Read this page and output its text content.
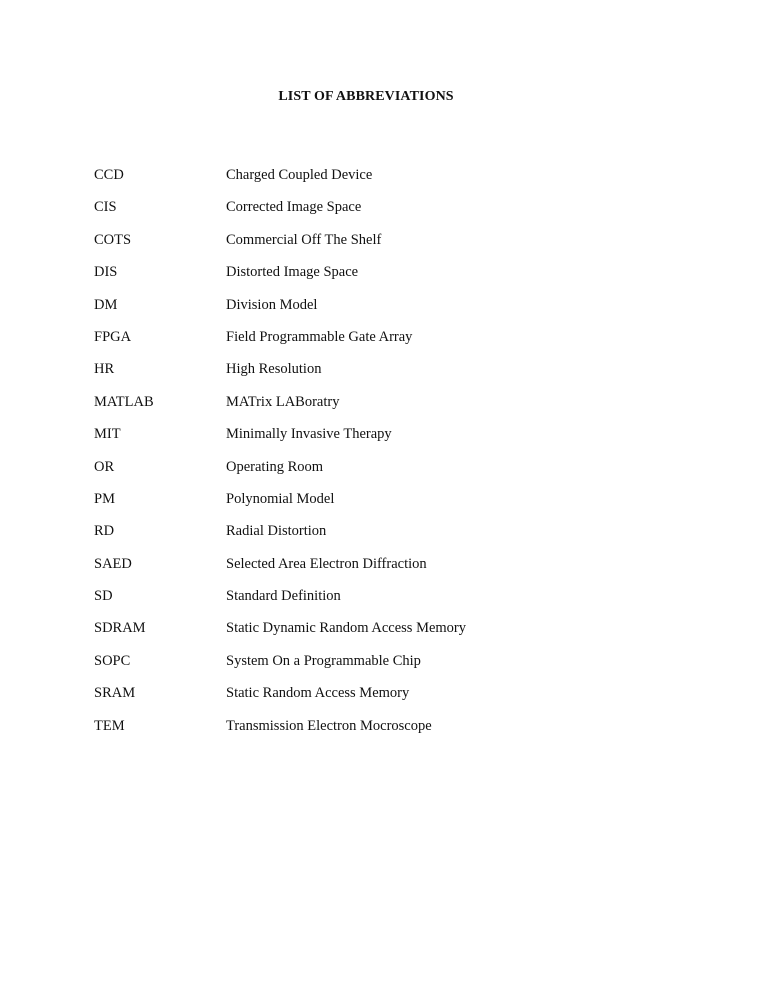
LIST OF ABBREVIATIONS
CCD	Charged Coupled Device
CIS	Corrected Image Space
COTS	Commercial Off The Shelf
DIS	Distorted Image Space
DM	Division Model
FPGA	Field Programmable Gate Array
HR	High Resolution
MATLAB	MATrix LABoratry
MIT	Minimally Invasive Therapy
OR	Operating Room
PM	Polynomial Model
RD	Radial Distortion
SAED	Selected Area Electron Diffraction
SD	Standard Definition
SDRAM	Static Dynamic Random Access Memory
SOPC	System On a Programmable Chip
SRAM	Static Random Access Memory
TEM	Transmission Electron Mocroscope
